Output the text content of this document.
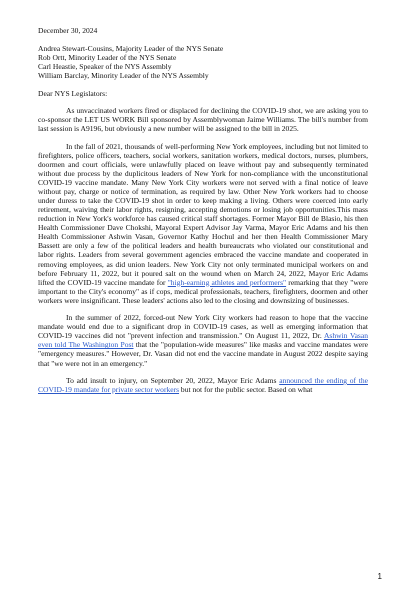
December 30, 2024
Andrea Stewart-Cousins, Majority Leader of the NYS Senate
Rob Ortt, Minority Leader of the NYS Senate
Carl Heastie, Speaker of the NYS Assembly
William Barclay, Minority Leader of the NYS Assembly
Dear NYS Legislators:

As unvaccinated workers fired or displaced for declining the COVID-19 shot, we are asking you to co-sponsor the LET US WORK Bill sponsored by Assemblywoman Jaime Williams. The bill's number from last session is A9196, but obviously a new number will be assigned to the bill in 2025.

In the fall of 2021, thousands of well-performing New York employees, including but not limited to firefighters, police officers, teachers, social workers, sanitation workers, medical doctors, nurses, plumbers, doormen and court officials, were unlawfully placed on leave without pay and subsequently terminated without due process by the duplicitous leaders of New York for non-compliance with the unconstitutional COVID-19 vaccine mandate. Many New York City workers were not served with a final notice of leave without pay, charge or notice of termination, as required by law. Other New York workers had to choose under duress to take the COVID-19 shot in order to keep making a living. Others were coerced into early retirement, waiving their labor rights, resigning, accepting demotions or losing job opportunities.This mass reduction in New York's workforce has caused critical staff shortages. Former Mayor Bill de Blasio, his then Health Commissioner Dave Chokshi, Mayoral Expert Advisor Jay Varma, Mayor Eric Adams and his then Health Commissioner Ashwin Vasan, Governor Kathy Hochul and her then Health Commissioner Mary Bassett are only a few of the political leaders and health bureaucrats who violated our constitutional and labor rights. Leaders from several government agencies embraced the vaccine mandate and cooperated in removing employees, as did union leaders. New York City not only terminated municipal workers on and before February 11, 2022, but it poured salt on the wound when on March 24, 2022, Mayor Eric Adams lifted the COVID-19 vaccine mandate for "high-earning athletes and performers" remarking that they "were important to the City's economy" as if cops, medical professionals, teachers, firefighters, doormen and other workers were insignificant. These leaders' actions also led to the closing and downsizing of businesses.

In the summer of 2022, forced-out New York City workers had reason to hope that the vaccine mandate would end due to a significant drop in COVID-19 cases, as well as emerging information that COVID-19 vaccines did not "prevent infection and transmission." On August 11, 2022, Dr. Ashwin Vasan even told The Washington Post that the "population-wide measures" like masks and vaccine mandates were "emergency measures." However, Dr. Vasan did not end the vaccine mandate in August 2022 despite saying that "we were not in an emergency."

To add insult to injury, on September 20, 2022, Mayor Eric Adams announced the ending of the COVID-19 mandate for private sector workers but not for the public sector. Based on what

1
